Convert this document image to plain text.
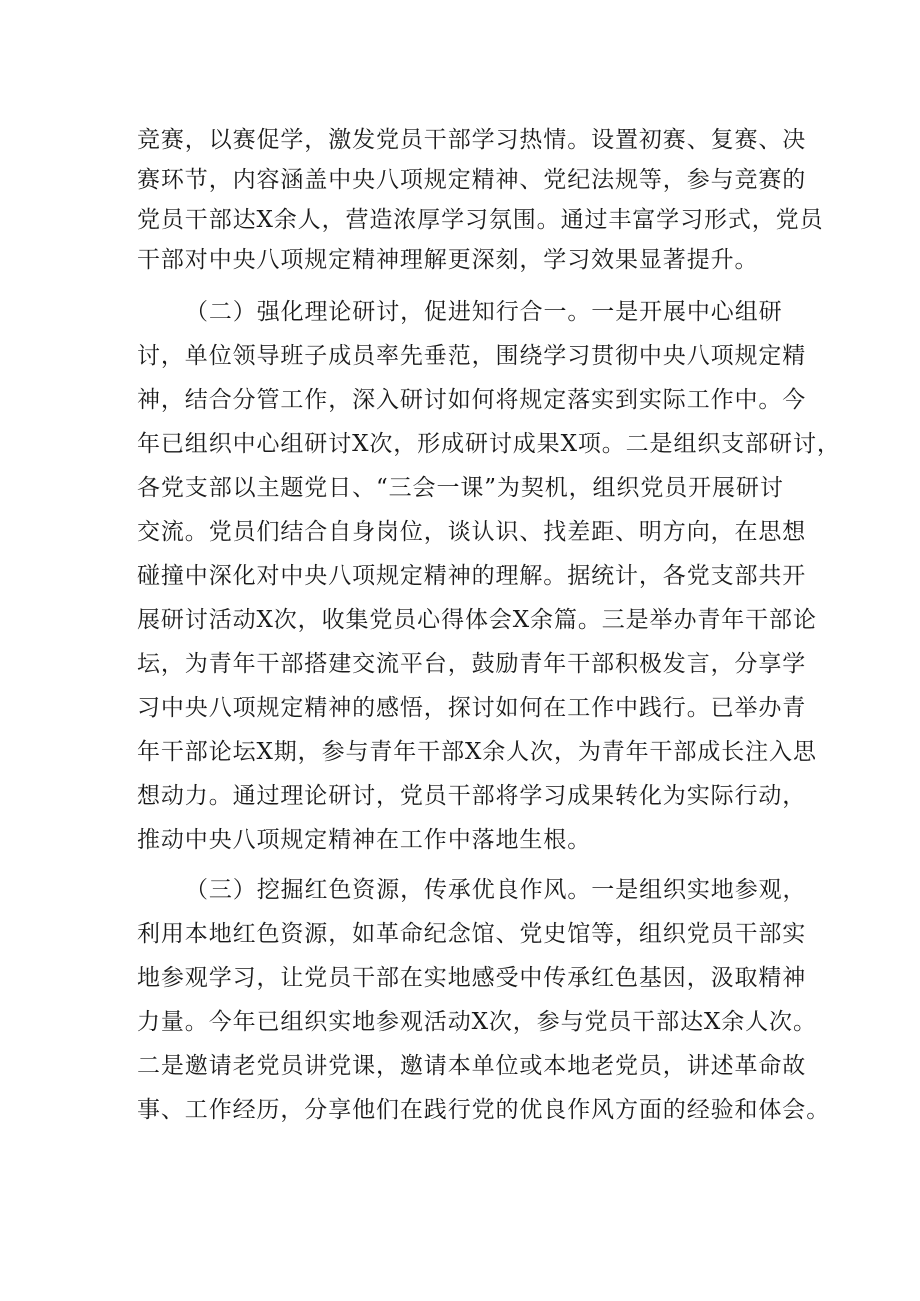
竞赛，以赛促学，激发党员干部学习热情。设置初赛、复赛、决
赛环节，内容涵盖中央八项规定精神、党纪法规等，参与竞赛的
党员干部达X余人，营造浓厚学习氛围。通过丰富学习形式，党员
干部对中央八项规定精神理解更深刻，学习效果显著提升。
（二）强化理论研讨，促进知行合一。一是开展中心组研
讨，单位领导班子成员率先垂范，围绕学习贯彻中央八项规定精
神，结合分管工作，深入研讨如何将规定落实到实际工作中。今
年已组织中心组研讨X次，形成研讨成果X项。二是组织支部研讨，
各党支部以主题党日、“三会一课”为契机，组织党员开展研讨
交流。党员们结合自身岗位，谈认识、找差距、明方向，在思想
碰撞中深化对中央八项规定精神的理解。据统计，各党支部共开
展研讨活动X次，收集党员心得体会X余篇。三是举办青年干部论
坛，为青年干部搭建交流平台，鼓励青年干部积极发言，分享学
习中央八项规定精神的感悟，探讨如何在工作中践行。已举办青
年干部论坛X期，参与青年干部X余人次，为青年干部成长注入思
想动力。通过理论研讨，党员干部将学习成果转化为实际行动，
推动中央八项规定精神在工作中落地生根。
（三）挖掘红色资源，传承优良作风。一是组织实地参观，
利用本地红色资源，如革命纪念馆、党史馆等，组织党员干部实
地参观学习，让党员干部在实地感受中传承红色基因，汲取精神
力量。今年已组织实地参观活动X次，参与党员干部达X余人次。
二是邀请老党员讲党课，邀请本单位或本地老党员，讲述革命故
事、工作经历，分享他们在践行党的优良作风方面的经验和体会。
